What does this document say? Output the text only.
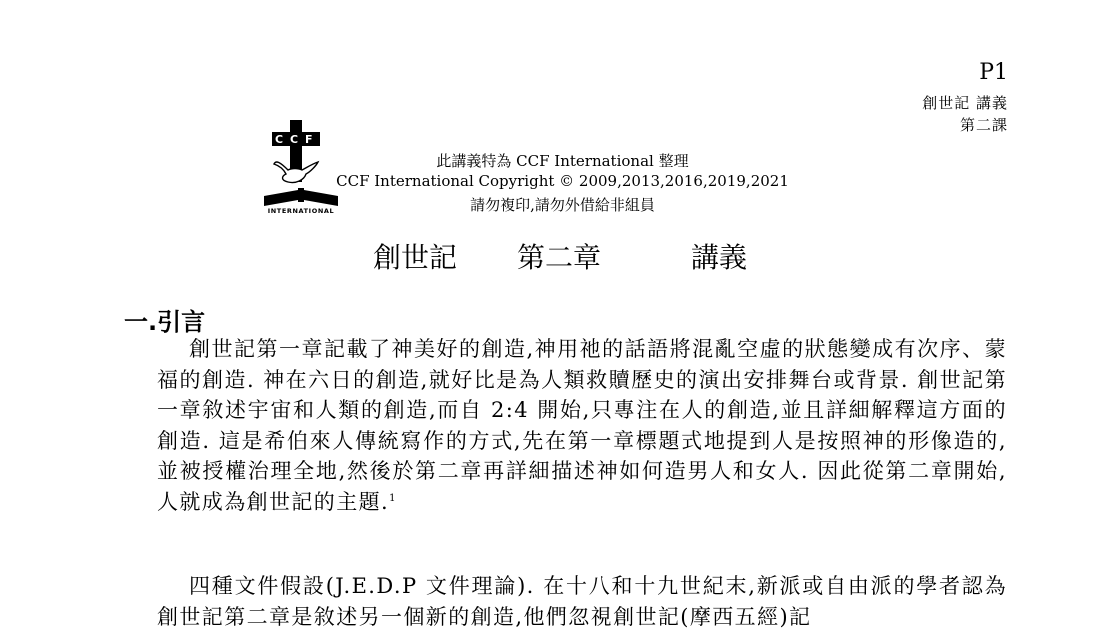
P1
創世記 講義
第二課
C C F
INTERNATIONAL
此講義特為 CCF International 整理
CCF International Copyright © 2009,2013,2016,2019,2021
請勿複印,請勿外借給非組員
創世記 第二章	講義
一.引言
創世記第一章記載了神美好的創造,神用祂的話語將混亂空虛的狀態變成有次序、蒙福的創造. 神在六日的創造,就好比是為人類救贖歷史的演出安排舞台或背景. 創世記第一章敘述宇宙和人類的創造,而自 2:4 開始,只專注在人的創造,並且詳細解釋這方面的創造. 這是希伯來人傳統寫作的方式,先在第一章標題式地提到人是按照神的形像造的,並被授權治理全地,然後於第二章再詳細描述神如何造男人和女人. 因此從第二章開始,人就成為創世記的主題.$^1$
四種文件假設(J.E.D.P 文件理論). 在十八和十九世紀末,新派或自由派的學者認為創世記第二章是敘述另一個新的創造,他們忽視創世記(摩西五經)記
